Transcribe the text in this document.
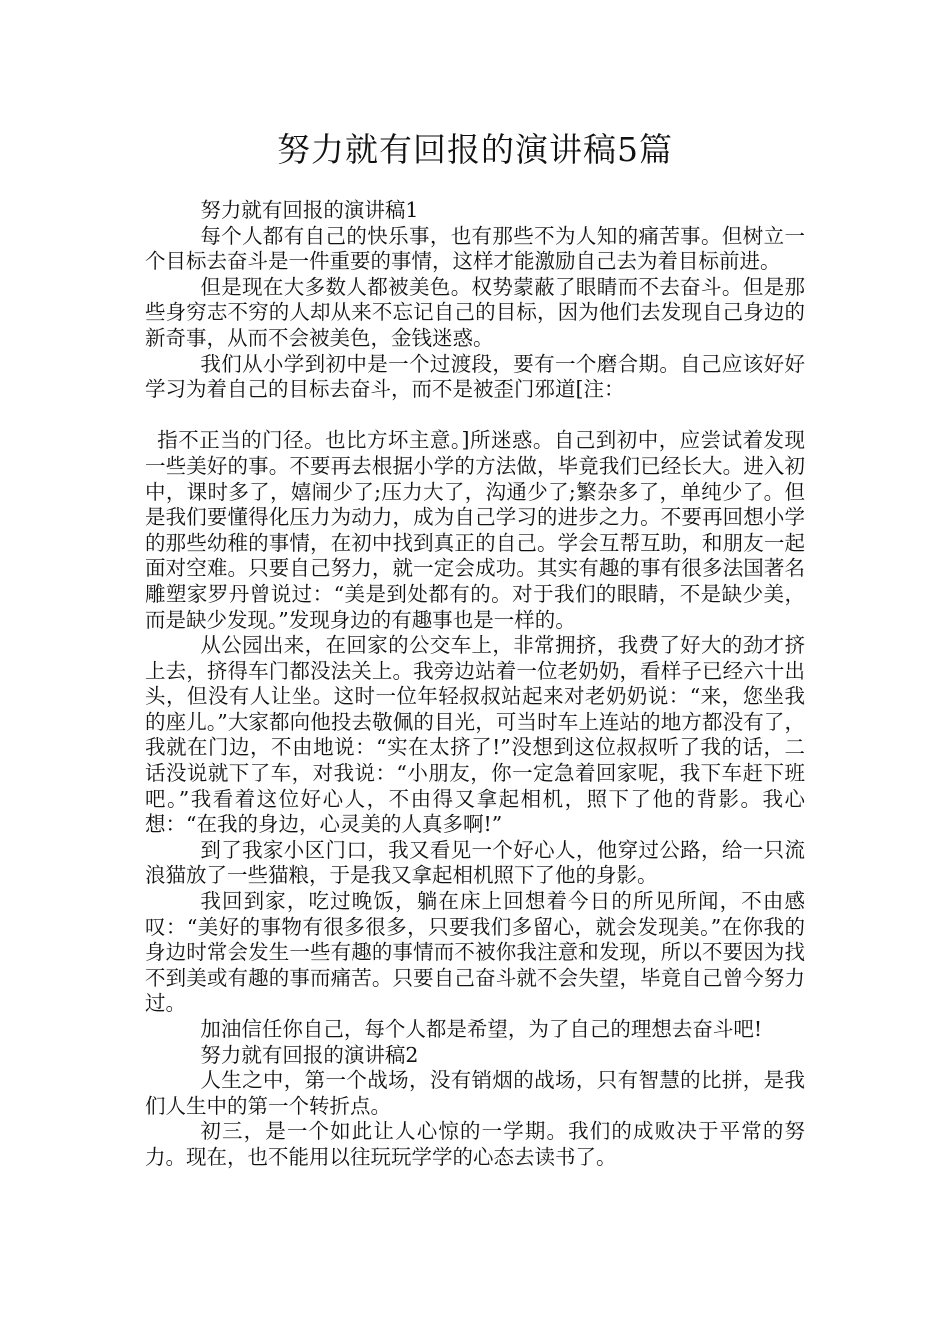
努力就有回报的演讲稿5篇

努力就有回报的演讲稿1

每个人都有自己的快乐事，也有那些不为人知的痛苦事。但树立一个目标去奋斗是一件重要的事情，这样才能激励自己去为着目标前进。

但是现在大多数人都被美色。权势蒙蔽了眼睛而不去奋斗。但是那些身穷志不穷的人却从来不忘记自己的目标，因为他们去发现自己身边的新奇事，从而不会被美色，金钱迷惑。

我们从小学到初中是一个过渡段，要有一个磨合期。自己应该好好学习为着自己的目标去奋斗，而不是被歪门邪道[注：

指不正当的门径。也比方坏主意。]所迷惑。自己到初中，应尝试着发现一些美好的事。不要再去根据小学的方法做，毕竟我们已经长大。进入初中，课时多了，嬉闹少了;压力大了，沟通少了;繁杂多了，单纯少了。但是我们要懂得化压力为动力，成为自己学习的进步之力。不要再回想小学的那些幼稚的事情，在初中找到真正的自己。学会互帮互助，和朋友一起面对空难。只要自己努力，就一定会成功。其实有趣的事有很多法国著名雕塑家罗丹曾说过：“美是到处都有的。对于我们的眼睛，不是缺少美，而是缺少发现。”发现身边的有趣事也是一样的。

从公园出来，在回家的公交车上，非常拥挤，我费了好大的劲才挤上去，挤得车门都没法关上。我旁边站着一位老奶奶，看样子已经六十出头，但没有人让坐。这时一位年轻叔叔站起来对老奶奶说：“来，您坐我的座儿。”大家都向他投去敬佩的目光，可当时车上连站的地方都没有了，我就在门边，不由地说：“实在太挤了!”没想到这位叔叔听了我的话，二话没说就下了车，对我说：“小朋友，你一定急着回家呢，我下车赶下班吧。”我看着这位好心人，不由得又拿起相机，照下了他的背影。我心想：“在我的身边，心灵美的人真多啊!”

到了我家小区门口，我又看见一个好心人，他穿过公路，给一只流浪猫放了一些猫粮，于是我又拿起相机照下了他的身影。

我回到家，吃过晚饭，躺在床上回想着今日的所见所闻，不由感叹：“美好的事物有很多很多，只要我们多留心，就会发现美。”在你我的身边时常会发生一些有趣的事情而不被你我注意和发现，所以不要因为找不到美或有趣的事而痛苦。只要自己奋斗就不会失望，毕竟自己曾今努力过。

加油信任你自己，每个人都是希望，为了自己的理想去奋斗吧!

努力就有回报的演讲稿2

人生之中，第一个战场，没有销烟的战场，只有智慧的比拼，是我们人生中的第一个转折点。

初三，是一个如此让人心惊的一学期。我们的成败决于平常的努力。现在，也不能用以往玩玩学学的心态去读书了。
